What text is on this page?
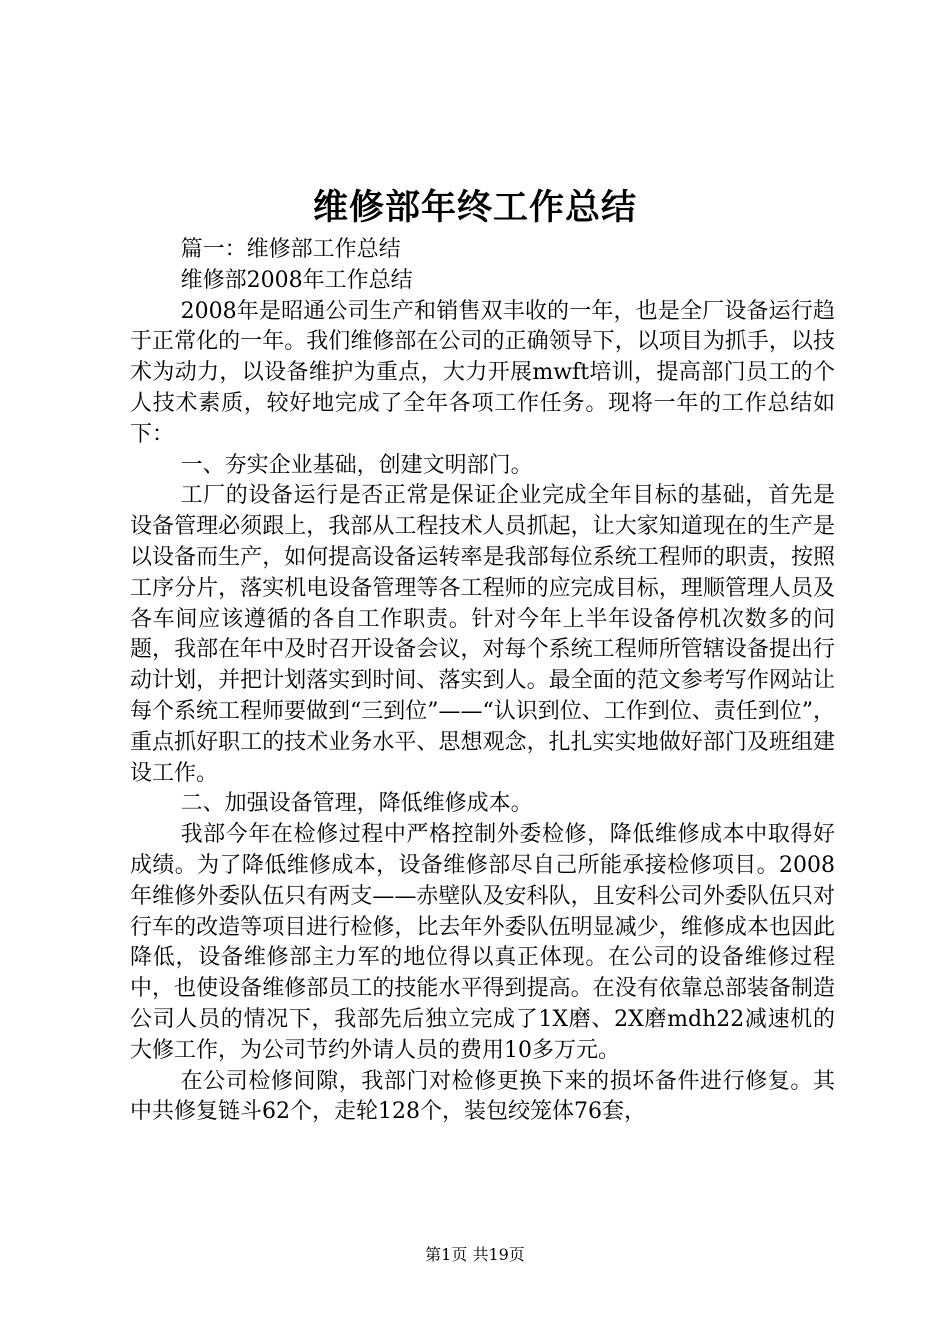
维修部年终工作总结

篇一：维修部工作总结

维修部2008年工作总结

2008年是昭通公司生产和销售双丰收的一年，也是全厂设备运行趋于正常化的一年。我们维修部在公司的正确领导下，以项目为抓手，以技术为动力，以设备维护为重点，大力开展mwft培训，提高部门员工的个人技术素质，较好地完成了全年各项工作任务。现将一年的工作总结如下：

一、夯实企业基础，创建文明部门。

工厂的设备运行是否正常是保证企业完成全年目标的基础，首先是设备管理必须跟上，我部从工程技术人员抓起，让大家知道现在的生产是以设备而生产，如何提高设备运转率是我部每位系统工程师的职责，按照工序分片，落实机电设备管理等各工程师的应完成目标，理顺管理人员及各车间应该遵循的各自工作职责。针对今年上半年设备停机次数多的问题，我部在年中及时召开设备会议，对每个系统工程师所管辖设备提出行动计划，并把计划落实到时间、落实到人。最全面的范文参考写作网站让每个系统工程师要做到“三到位”——“认识到位、工作到位、责任到位”，重点抓好职工的技术业务水平、思想观念，扎扎实实地做好部门及班组建设工作。

二、加强设备管理，降低维修成本。

我部今年在检修过程中严格控制外委检修，降低维修成本中取得好成绩。为了降低维修成本，设备维修部尽自己所能承接检修项目。2008年维修外委队伍只有两支——赤壁队及安科队，且安科公司外委队伍只对行车的改造等项目进行检修，比去年外委队伍明显减少，维修成本也因此降低，设备维修部主力军的地位得以真正体现。在公司的设备维修过程中，也使设备维修部员工的技能水平得到提高。在没有依靠总部装备制造公司人员的情况下，我部先后独立完成了1X磨、2X磨mdh22减速机的大修工作，为公司节约外请人员的费用10多万元。

在公司检修间隙，我部门对检修更换下来的损坏备件进行修复。其中共修复链斗62个，走轮128个，装包绞笼体76套，

第1页 共19页
